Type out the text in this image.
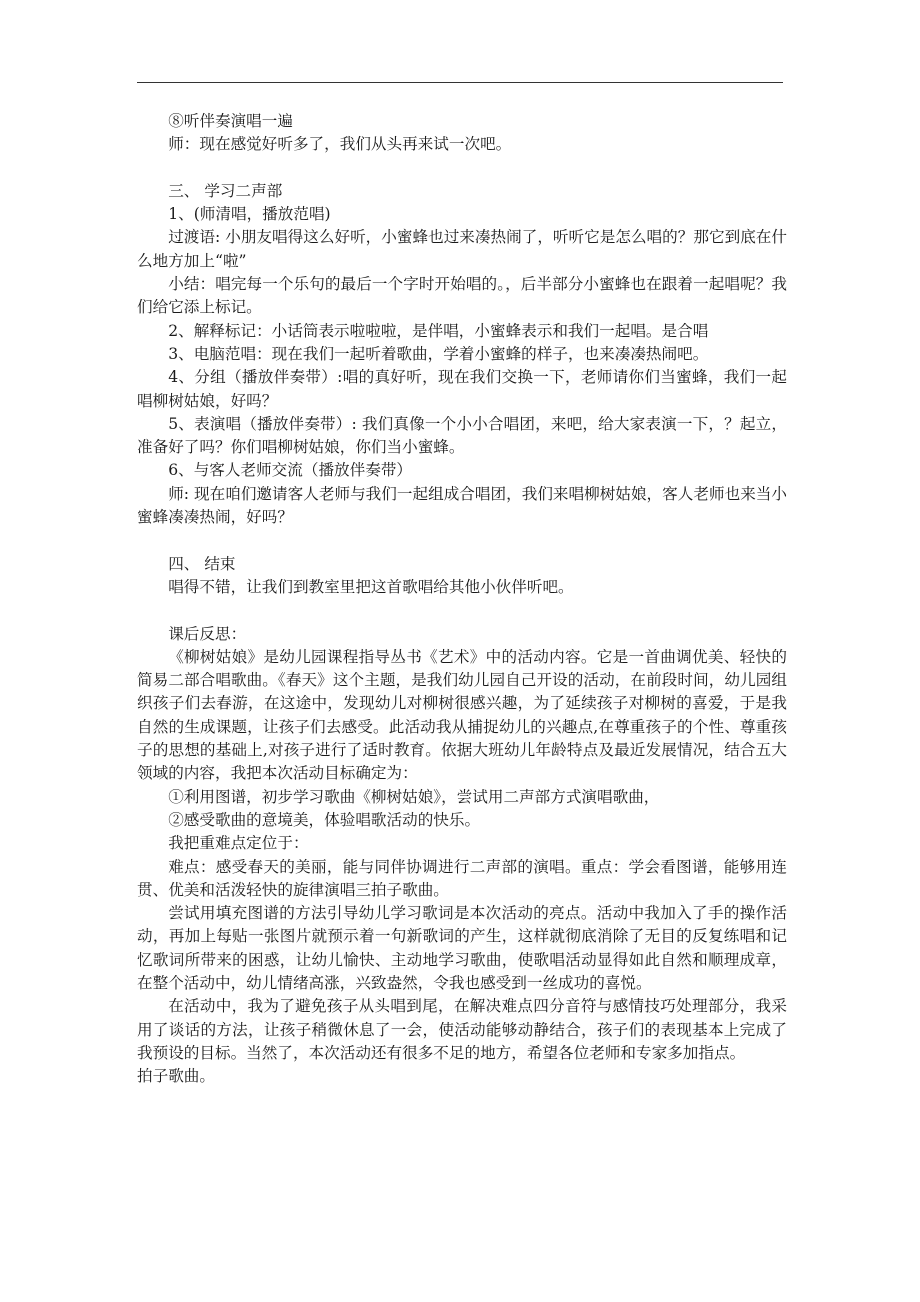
⑧听伴奏演唱一遍

师：现在感觉好听多了，我们从头再来试一次吧。

三、 学习二声部

1、(师清唱，播放范唱)

过渡语: 小朋友唱得这么好听，小蜜蜂也过来凑热闹了，听听它是怎么唱的？那它到底在什么地方加上“啦”

小结：唱完每一个乐句的最后一个字时开始唱的。，后半部分小蜜蜂也在跟着一起唱呢？我们给它添上标记。

2、解释标记：小话筒表示啦啦啦，是伴唱，小蜜蜂表示和我们一起唱。是合唱

3、电脑范唱：现在我们一起听着歌曲，学着小蜜蜂的样子，也来凑凑热闹吧。

4、分组（播放伴奏带）:唱的真好听，现在我们交换一下，老师请你们当蜜蜂，我们一起唱柳树姑娘，好吗？

5、表演唱（播放伴奏带）: 我们真像一个小小合唱团，来吧，给大家表演一下，？起立，准备好了吗？你们唱柳树姑娘，你们当小蜜蜂。

6、与客人老师交流（播放伴奏带）

师: 现在咱们邀请客人老师与我们一起组成合唱团，我们来唱柳树姑娘，客人老师也来当小蜜蜂凑凑热闹，好吗？

四、 结束

唱得不错，让我们到教室里把这首歌唱给其他小伙伴听吧。

课后反思：

《柳树姑娘》是幼儿园课程指导丛书《艺术》中的活动内容。它是一首曲调优美、轻快的简易二部合唱歌曲。《春天》这个主题，是我们幼儿园自己开设的活动，在前段时间，幼儿园组织孩子们去春游，在这途中，发现幼儿对柳树很感兴趣，为了延续孩子对柳树的喜爱，于是我自然的生成课题，让孩子们去感受。此活动我从捕捉幼儿的兴趣点,在尊重孩子的个性、尊重孩子的思想的基础上,对孩子进行了适时教育。依据大班幼儿年龄特点及最近发展情况，结合五大领域的内容，我把本次活动目标确定为：

①利用图谱，初步学习歌曲《柳树姑娘》，尝试用二声部方式演唱歌曲，

②感受歌曲的意境美，体验唱歌活动的快乐。

我把重难点定位于：

难点：感受春天的美丽，能与同伴协调进行二声部的演唱。重点：学会看图谱，能够用连贯、优美和活泼轻快的旋律演唱三拍子歌曲。

尝试用填充图谱的方法引导幼儿学习歌词是本次活动的亮点。活动中我加入了手的操作活动，再加上每贴一张图片就预示着一句新歌词的产生，这样就彻底消除了无目的反复练唱和记忆歌词所带来的困惑，让幼儿愉快、主动地学习歌曲，使歌唱活动显得如此自然和顺理成章，在整个活动中，幼儿情绪高涨，兴致盎然，令我也感受到一丝成功的喜悦。

在活动中，我为了避免孩子从头唱到尾，在解决难点四分音符与感情技巧处理部分，我采用了谈话的方法，让孩子稍微休息了一会，使活动能够动静结合，孩子们的表现基本上完成了我预设的目标。当然了，本次活动还有很多不足的地方，希望各位老师和专家多加指点。

拍子歌曲。
